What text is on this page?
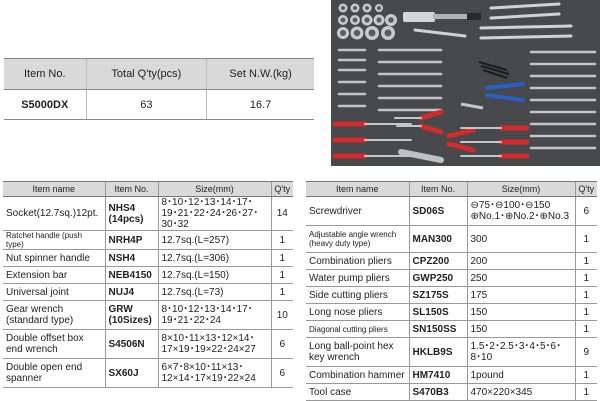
Item No.	Total Q'ty(pcs)	Set N.W.(kg)
S5000DX	63	16.7
Item name	Item No.	Size(mm)	Q'ty
Socket(12.7sq.)12pt.	NHS4 (14pcs)	8･10･12･13･14･17･19･21･22･24･26･27･30･32	14
Ratchet handle (push type)	NRH4P	12.7sq.(L=257)	1
Nut spinner handle	NSH4	12.7sq.(L=306)	1
Extension bar	NEB4150	12.7sq.(L=150)	1
Universal joint	NUJ4	12.7sq.(L=73)	1
Gear wrench (standard type)	GRW (10Sizes)	8･10･12･13･14･17･19･21･22･24	10
Double offset box end wrench	S4506N	8×10･11×13･12×14･17×19･19×22･24×27	6
Double open end spanner	SX60J	6×7･8×10･11×13･12×14･17×19･22×24	6
Item name	Item No.	Size(mm)	Q'ty
Screwdriver	SD06S	⊖75･⊖100･⊖150 ⊕No.1･⊕No.2･⊕No.3	6
Adjustable angle wrench (heavy duty type)	MAN300	300	1
Combination pliers	CPZ200	200	1
Water pump pliers	GWP250	250	1
Side cutting pliers	SZ175S	175	1
Long nose pliers	SL150S	150	1
Diagonal cutting pliers	SN150SS	150	1
Long ball-point hex key wrench	HKLB9S	1.5･2･2.5･3･4･5･6･8･10	9
Combination hammer	HM7410	1pound	1
Tool case	S470B3	470×220×345	1
